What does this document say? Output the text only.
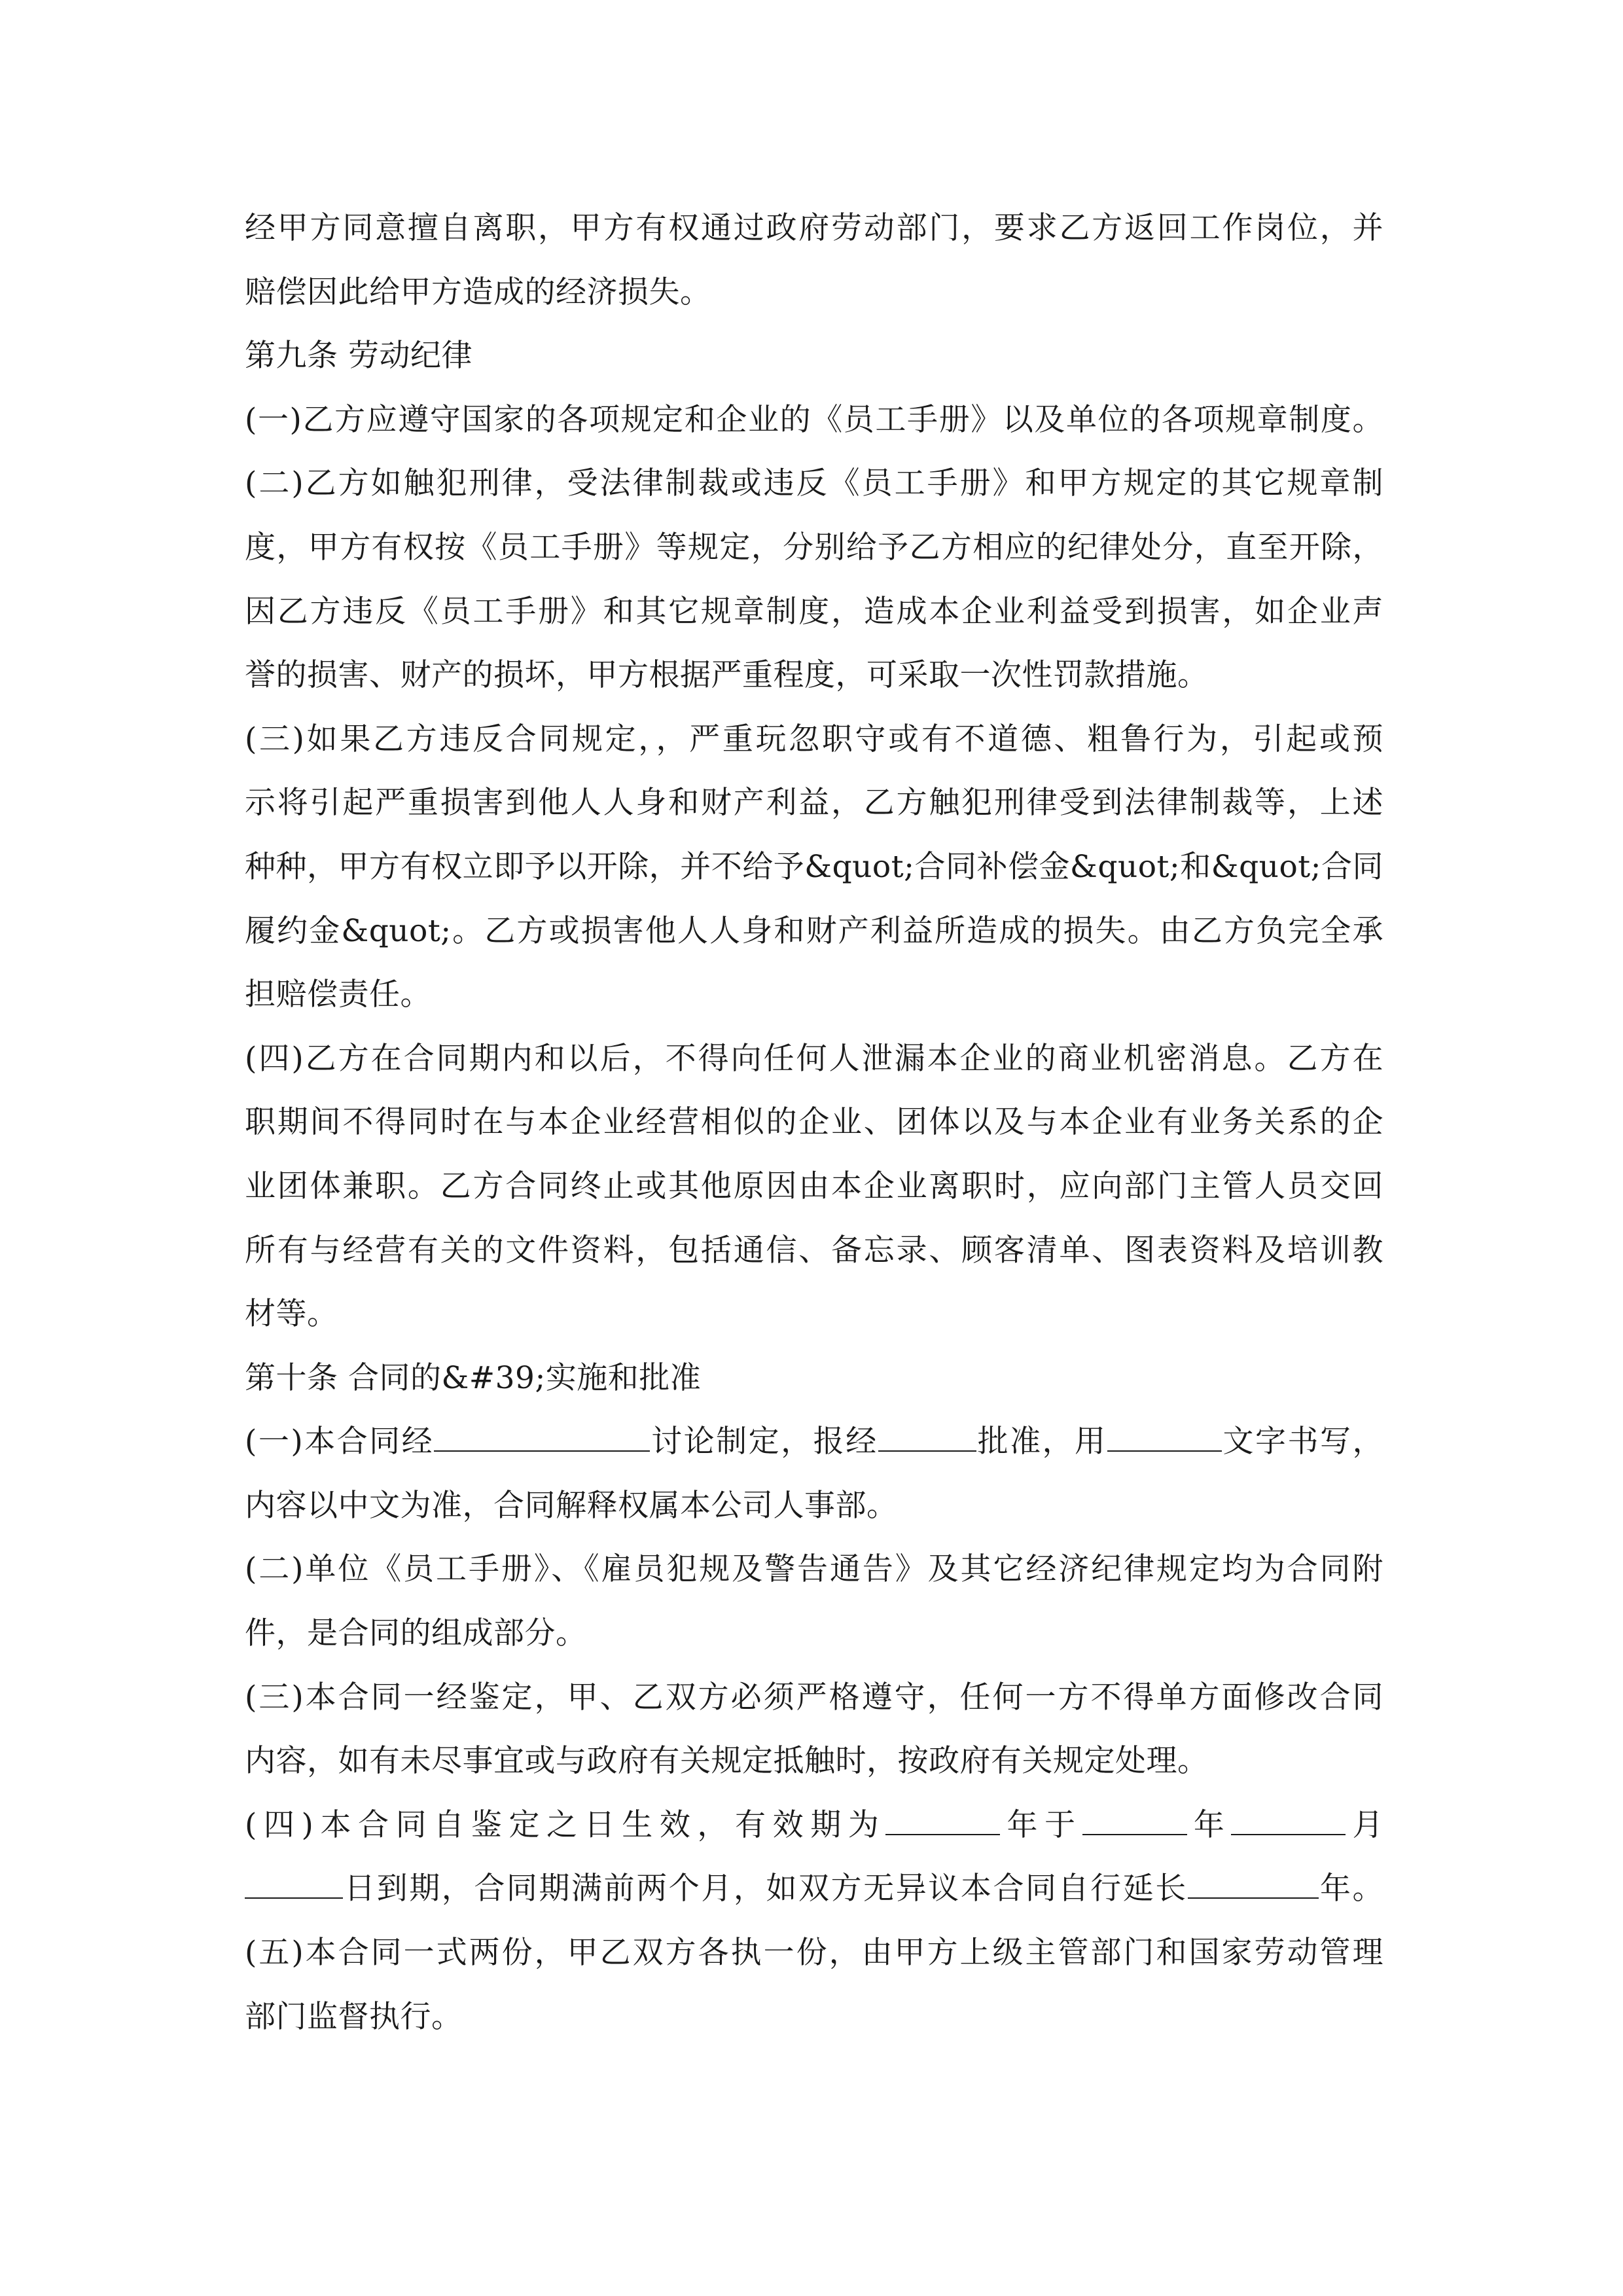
经甲方同意擅自离职，甲方有权通过政府劳动部门，要求乙方返回工作岗位，并
赔偿因此给甲方造成的经济损失。
第九条 劳动纪律
(一)乙方应遵守国家的各项规定和企业的《员工手册》以及单位的各项规章制度。
(二)乙方如触犯刑律，受法律制裁或违反《员工手册》和甲方规定的其它规章制
度，甲方有权按《员工手册》等规定，分别给予乙方相应的纪律处分，直至开除，
因乙方违反《员工手册》和其它规章制度，造成本企业利益受到损害，如企业声
誉的损害、财产的损坏，甲方根据严重程度，可采取一次性罚款措施。
(三)如果乙方违反合同规定，，严重玩忽职守或有不道德、粗鲁行为，引起或预
示将引起严重损害到他人人身和财产利益，乙方触犯刑律受到法律制裁等，上述
种种，甲方有权立即予以开除，并不给予&quot;合同补偿金&quot;和&quot;合同
履约金&quot;。乙方或损害他人人身和财产利益所造成的损失。由乙方负完全承
担赔偿责任。
(四)乙方在合同期内和以后，不得向任何人泄漏本企业的商业机密消息。乙方在
职期间不得同时在与本企业经营相似的企业、团体以及与本企业有业务关系的企
业团体兼职。乙方合同终止或其他原因由本企业离职时，应向部门主管人员交回
所有与经营有关的文件资料，包括通信、备忘录、顾客清单、图表资料及培训教
材等。
第十条 合同的&#39;实施和批准
(一)本合同经	讨论制定，报经	批准，用	文字书写，
内容以中文为准，合同解释权属本公司人事部。
(二)单位《员工手册》、《雇员犯规及警告通告》及其它经济纪律规定均为合同附
件，是合同的组成部分。
(三)本合同一经鉴定，甲、乙双方必须严格遵守，任何一方不得单方面修改合同
内容，如有未尽事宜或与政府有关规定抵触时，按政府有关规定处理。
(四)本合同自鉴定之日生效，有效期为	年于	年	月
日到期，合同期满前两个月，如双方无异议本合同自行延长	年。
(五)本合同一式两份，甲乙双方各执一份，由甲方上级主管部门和国家劳动管理
部门监督执行。
